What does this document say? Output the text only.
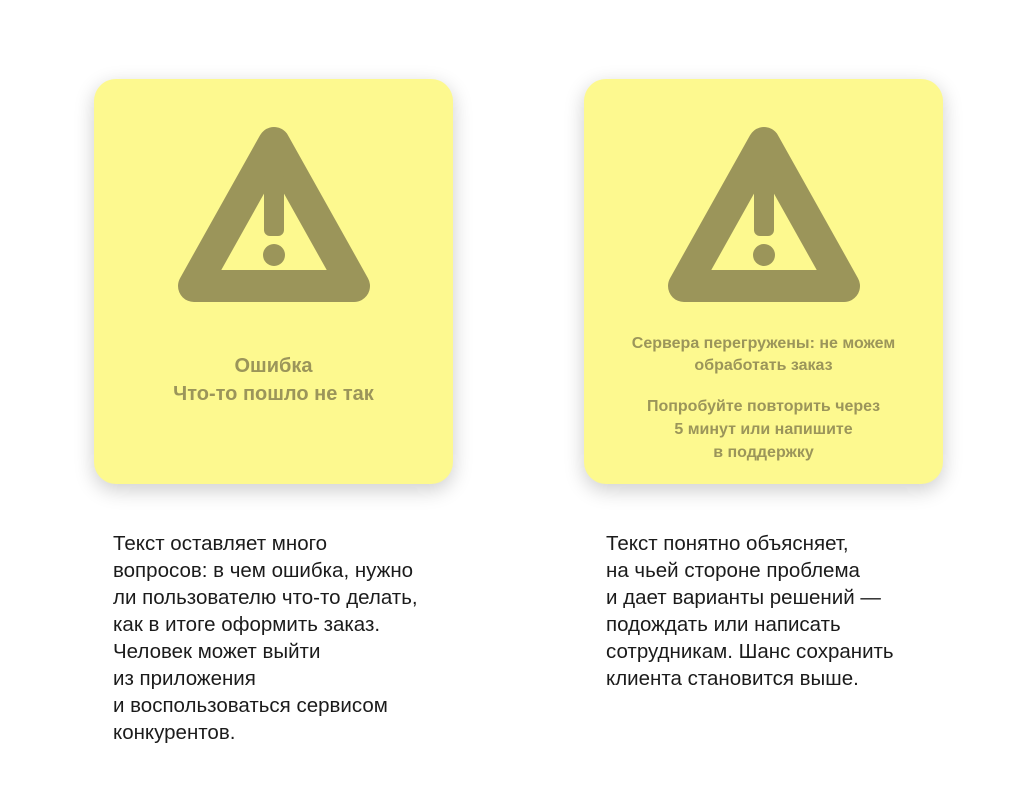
Ошибка
Что-то пошло не так
Сервера перегружены: не можем
обработать заказ
Попробуйте повторить через
5 минут или напишите
в поддержку
Текст оставляет много
вопросов: в чем ошибка, нужно
ли пользователю что-то делать,
как в итоге оформить заказ.
Человек может выйти
из приложения
и воспользоваться сервисом
конкурентов.
Текст понятно объясняет,
на чьей стороне проблема
и дает варианты решений —
подождать или написать
сотрудникам. Шанс сохранить
клиента становится выше.
